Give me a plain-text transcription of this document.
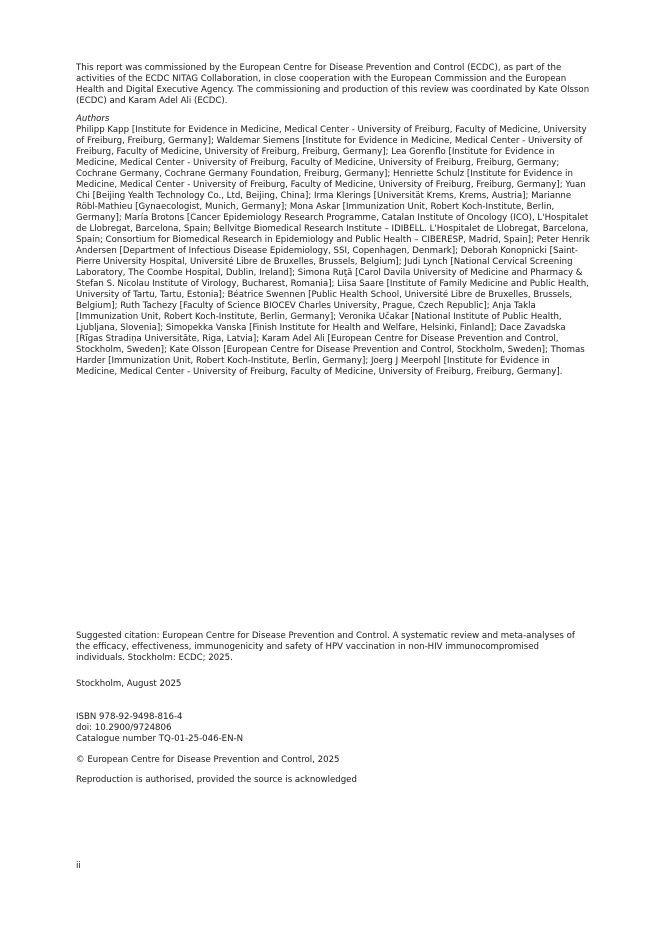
This report was commissioned by the European Centre for Disease Prevention and Control (ECDC), as part of the activities of the ECDC NITAG Collaboration, in close cooperation with the European Commission and the European Health and Digital Executive Agency. The commissioning and production of this review was coordinated by Kate Olsson (ECDC) and Karam Adel Ali (ECDC).

Authors

Philipp Kapp [Institute for Evidence in Medicine, Medical Center - University of Freiburg, Faculty of Medicine, University of Freiburg, Freiburg, Germany]; Waldemar Siemens [Institute for Evidence in Medicine, Medical Center - University of Freiburg, Faculty of Medicine, University of Freiburg, Freiburg, Germany]; Lea Gorenflo [Institute for Evidence in Medicine, Medical Center - University of Freiburg, Faculty of Medicine, University of Freiburg, Freiburg, Germany; Cochrane Germany, Cochrane Germany Foundation, Freiburg, Germany]; Henriette Schulz [Institute for Evidence in Medicine, Medical Center - University of Freiburg, Faculty of Medicine, University of Freiburg, Freiburg, Germany]; Yuan Chi [Beijing Yealth Technology Co., Ltd, Beijing, China]; Irma Klerings [Universität Krems, Krems, Austria]; Marianne Röbl-Mathieu [Gynaecologist, Munich, Germany]; Mona Askar [Immunization Unit, Robert Koch-Institute, Berlin, Germany]; María Brotons [Cancer Epidemiology Research Programme, Catalan Institute of Oncology (ICO), L'Hospitalet de Llobregat, Barcelona, Spain; Bellvitge Biomedical Research Institute – IDIBELL. L'Hospitalet de Llobregat, Barcelona, Spain; Consortium for Biomedical Research in Epidemiology and Public Health – CIBERESP, Madrid, Spain]; Peter Henrik Andersen [Department of Infectious Disease Epidemiology, SSI, Copenhagen, Denmark]; Deborah Konopnicki [Saint-Pierre University Hospital, Université Libre de Bruxelles, Brussels, Belgium]; Judi Lynch [National Cervical Screening Laboratory, The Coombe Hospital, Dublin, Ireland]; Simona Ruţă [Carol Davila University of Medicine and Pharmacy & Stefan S. Nicolau Institute of Virology, Bucharest, Romania]; Liisa Saare [Institute of Family Medicine and Public Health, University of Tartu, Tartu, Estonia]; Béatrice Swennen [Public Health School, Université Libre de Bruxelles, Brussels, Belgium]; Ruth Tachezy [Faculty of Science BIOCEV Charles University, Prague, Czech Republic]; Anja Takla [Immunization Unit, Robert Koch-Institute, Berlin, Germany]; Veronika Učakar [National Institute of Public Health, Ljubljana, Slovenia]; Simopekka Vanska [Finish Institute for Health and Welfare, Helsinki, Finland]; Dace Zavadska [Rīgas Stradiņa Universitāte, Riga, Latvia]; Karam Adel Ali [European Centre for Disease Prevention and Control, Stockholm, Sweden]; Kate Olsson [European Centre for Disease Prevention and Control, Stockholm, Sweden]; Thomas Harder [Immunization Unit, Robert Koch-Institute, Berlin, Germany]; Joerg J Meerpohl [Institute for Evidence in Medicine, Medical Center - University of Freiburg, Faculty of Medicine, University of Freiburg, Freiburg, Germany].

Suggested citation: European Centre for Disease Prevention and Control. A systematic review and meta-analyses of the efficacy, effectiveness, immunogenicity and safety of HPV vaccination in non-HIV immunocompromised individuals. Stockholm: ECDC; 2025.

Stockholm, August 2025

ISBN 978-92-9498-816-4

doi: 10.2900/9724806

Catalogue number TQ-01-25-046-EN-N

© European Centre for Disease Prevention and Control, 2025

Reproduction is authorised, provided the source is acknowledged

ii
